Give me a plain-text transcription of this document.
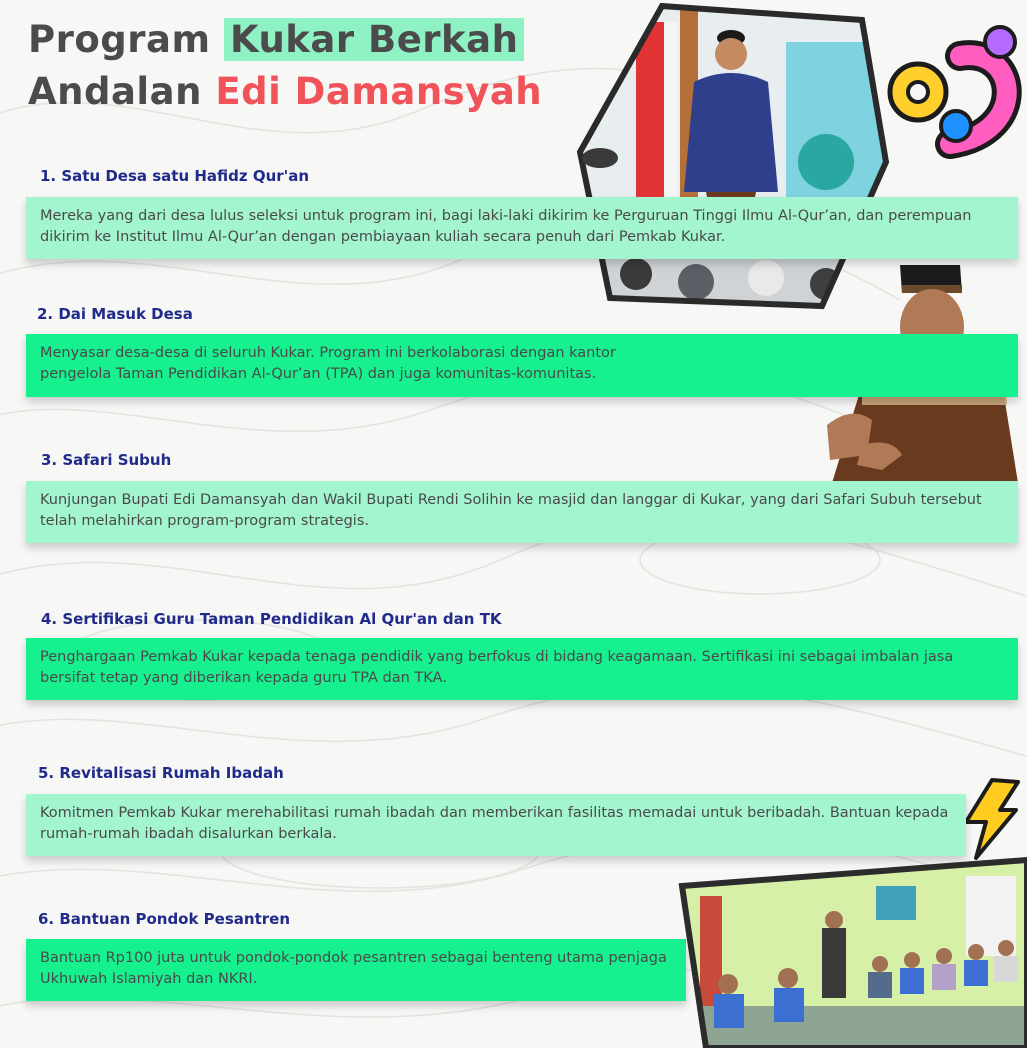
Program Kukar Berkah
Andalan Edi Damansyah
1. Satu Desa satu Hafidz Qur'an
Mereka yang dari desa lulus seleksi untuk program ini, bagi laki-laki dikirim ke Perguruan Tinggi Ilmu Al-Qur’an, dan perempuan dikirim ke Institut Ilmu Al-Qur’an dengan pembiayaan kuliah secara penuh dari Pemkab Kukar.
2. Dai Masuk Desa
Menyasar desa-desa di seluruh Kukar. Program ini berkolaborasi dengan kantor pengelola Taman Pendidikan Al-Qur’an (TPA) dan juga komunitas-komunitas.
3. Safari Subuh
Kunjungan Bupati Edi Damansyah dan Wakil Bupati Rendi Solihin ke masjid dan langgar di Kukar, yang dari Safari Subuh tersebut telah melahirkan program-program strategis.
4. Sertifikasi Guru Taman Pendidikan Al Qur'an dan TK
Penghargaan Pemkab Kukar kepada tenaga pendidik yang berfokus di bidang keagamaan. Sertifikasi ini sebagai imbalan jasa bersifat tetap yang diberikan kepada guru TPA dan TKA.
5. Revitalisasi Rumah Ibadah
Komitmen Pemkab Kukar merehabilitasi rumah ibadah dan memberikan fasilitas memadai untuk beribadah. Bantuan kepada rumah-rumah ibadah disalurkan berkala.
6. Bantuan Pondok Pesantren
Bantuan Rp100 juta untuk pondok-pondok pesantren sebagai benteng utama penjaga Ukhuwah Islamiyah dan NKRI.
